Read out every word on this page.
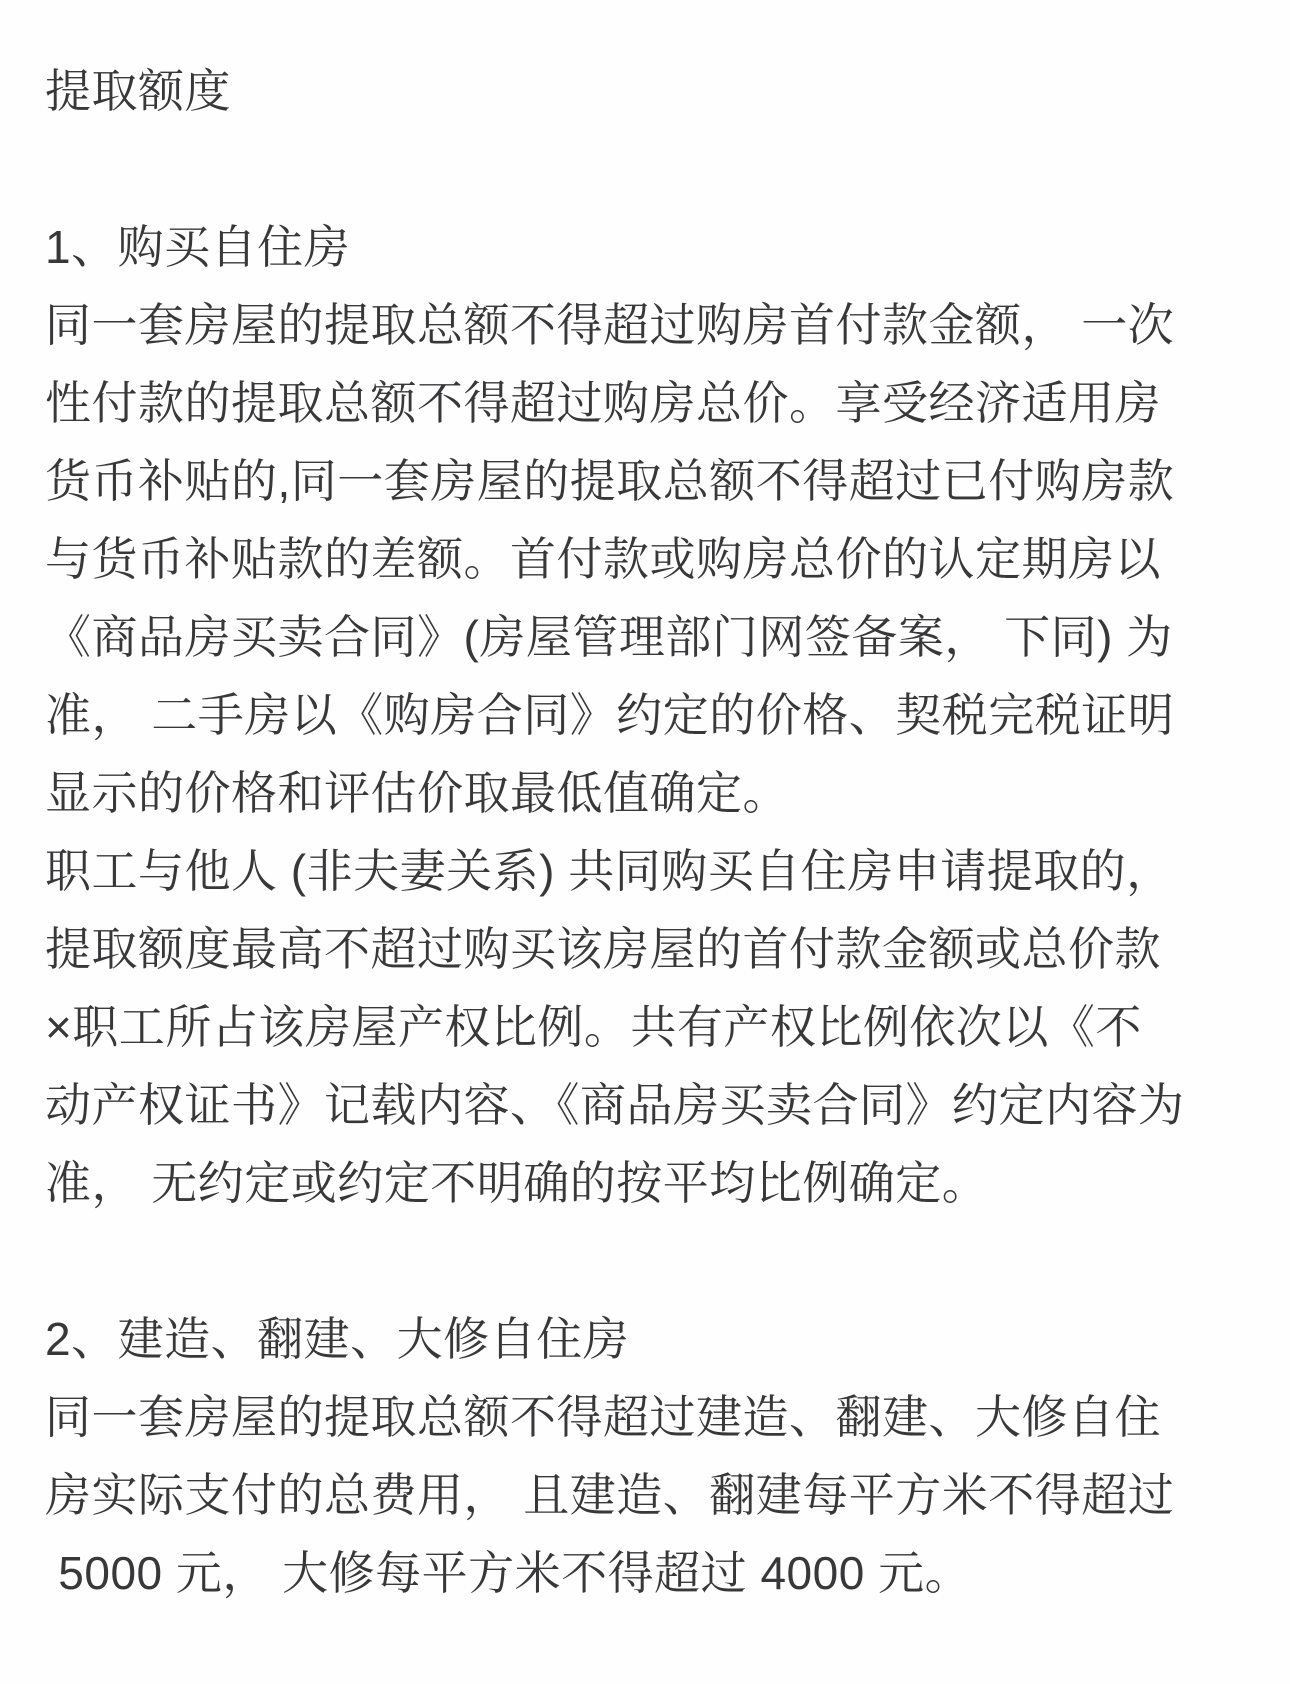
提取额度
1、购买自住房
同一套房屋的提取总额不得超过购房首付款金额， 一次
性付款的提取总额不得超过购房总价。享受经济适用房
货币补贴的,同一套房屋的提取总额不得超过已付购房款
与货币补贴款的差额。首付款或购房总价的认定期房以
《商品房买卖合同》(房屋管理部门网签备案， 下同) 为
准， 二手房以《购房合同》约定的价格、契税完税证明
显示的价格和评估价取最低值确定。
职工与他人 (非夫妻关系) 共同购买自住房申请提取的，
提取额度最高不超过购买该房屋的首付款金额或总价款
×职工所占该房屋产权比例。共有产权比例依次以《不
动产权证书》记载内容、《商品房买卖合同》约定内容为
准， 无约定或约定不明确的按平均比例确定。
2、建造、翻建、大修自住房
同一套房屋的提取总额不得超过建造、翻建、大修自住
房实际支付的总费用， 且建造、翻建每平方米不得超过
5000 元， 大修每平方米不得超过 4000 元。
